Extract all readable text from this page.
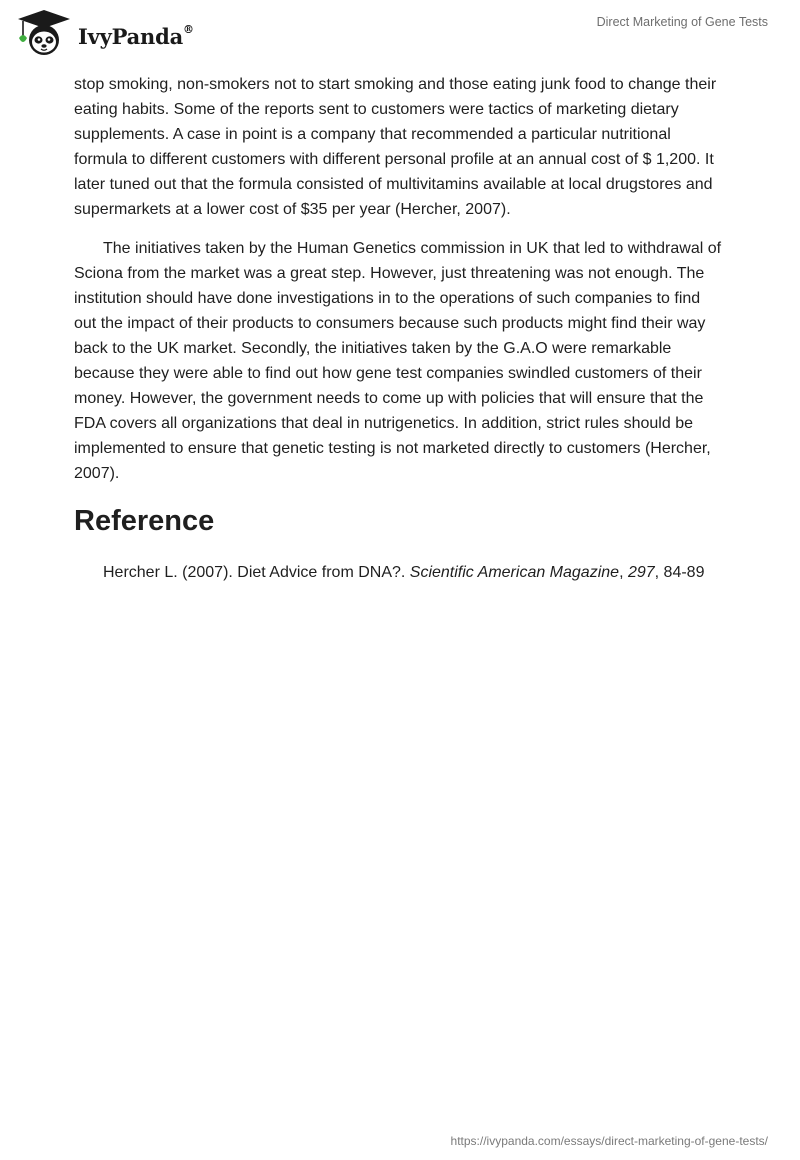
IvyPanda®	Direct Marketing of Gene Tests

stop smoking, non-smokers not to start smoking and those eating junk food to change their eating habits. Some of the reports sent to customers were tactics of marketing dietary supplements. A case in point is a company that recommended a particular nutritional formula to different customers with different personal profile at an annual cost of $ 1,200. It later tuned out that the formula consisted of multivitamins available at local drugstores and supermarkets at a lower cost of $35 per year (Hercher, 2007).

The initiatives taken by the Human Genetics commission in UK that led to withdrawal of Sciona from the market was a great step. However, just threatening was not enough. The institution should have done investigations in to the operations of such companies to find out the impact of their products to consumers because such products might find their way back to the UK market. Secondly, the initiatives taken by the G.A.O were remarkable because they were able to find out how gene test companies swindled customers of their money. However, the government needs to come up with policies that will ensure that the FDA covers all organizations that deal in nutrigenetics. In addition, strict rules should be implemented to ensure that genetic testing is not marketed directly to customers (Hercher, 2007).

Reference

Hercher L. (2007). Diet Advice from DNA?. Scientific American Magazine, 297, 84-89

https://ivypanda.com/essays/direct-marketing-of-gene-tests/
